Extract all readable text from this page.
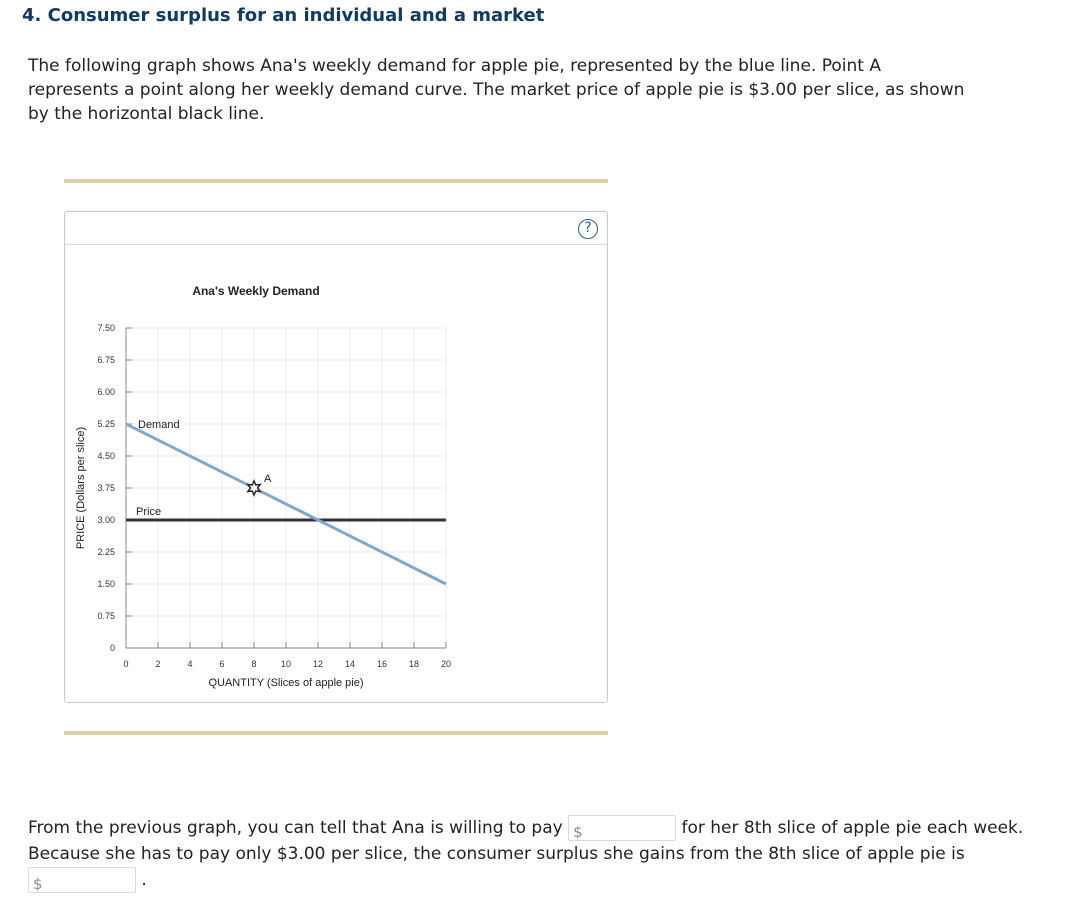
4. Consumer surplus for an individual and a market

The following graph shows Ana's weekly demand for apple pie, represented by the blue line. Point A represents a point along her weekly demand curve. The market price of apple pie is $3.00 per slice, as shown by the horizontal black line.

?
Ana's Weekly Demand
0
0.75
1.50
2.25
3.00
3.75
4.50
5.25
6.00
6.75
7.50
0	2	4	6	8	10 12 14 16 18 20
QUANTITY (Slices of apple pie)
PRICE (Dollars per slice)
Demand
Price
A

From the previous graph, you can tell that Ana is willing to pay $	for her 8th slice of apple pie each week. Because she has to pay only $3.00 per slice, the consumer surplus she gains from the 8th slice of apple pie is
$	.
